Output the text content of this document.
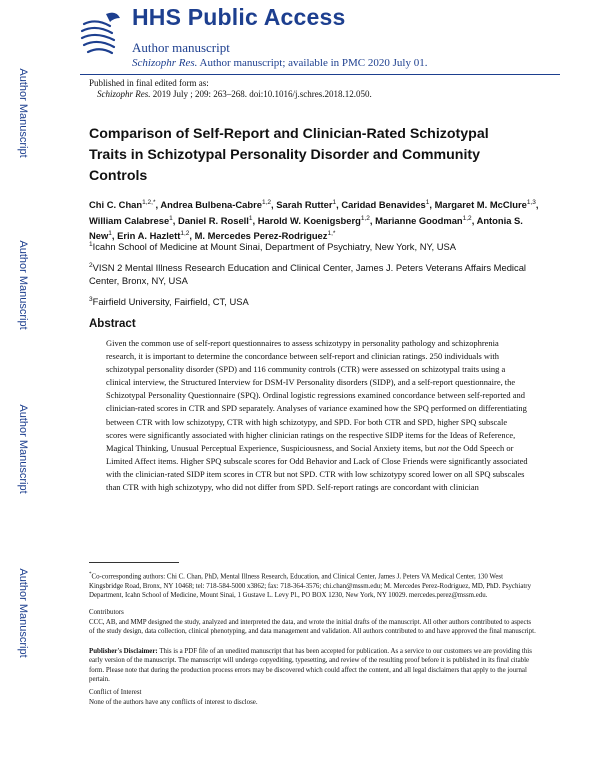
HHS Public Access
Author manuscript
Schizophr Res. Author manuscript; available in PMC 2020 July 01.
Published in final edited form as:
Schizophr Res. 2019 July ; 209: 263–268. doi:10.1016/j.schres.2018.12.050.
Author Manuscript
Author Manuscript
Author Manuscript
Author Manuscript
Comparison of Self-Report and Clinician-Rated Schizotypal Traits in Schizotypal Personality Disorder and Community Controls
Chi C. Chan$^{1,2,*}$, Andrea Bulbena-Cabre$^{1,2}$, Sarah Rutter$^1$, Caridad Benavides$^1$, Margaret M. McClure$^{1,3}$, William Calabrese$^1$, Daniel R. Rosell$^1$, Harold W. Koenigsberg$^{1,2}$, Marianne Goodman$^{1,2}$, Antonia S. New$^1$, Erin A. Hazlett$^{1,2}$, M. Mercedes Perez-Rodriguez$^{1,*}$
$^1$Icahn School of Medicine at Mount Sinai, Department of Psychiatry, New York, NY, USA
$^2$VISN 2 Mental Illness Research Education and Clinical Center, James J. Peters Veterans Affairs Medical Center, Bronx, NY, USA
$^3$Fairfield University, Fairfield, CT, USA
Abstract
Given the common use of self-report questionnaires to assess schizotypy in personality pathology and schizophrenia research, it is important to determine the concordance between self-report and clinician ratings. 250 individuals with schizotypal personality disorder (SPD) and 116 community controls (CTR) were assessed on schizotypal traits using a clinical interview, the Structured Interview for DSM-IV Personality disorders (SIDP), and a self-report questionnaire, the Schizotypal Personality Questionnaire (SPQ). Ordinal logistic regressions examined concordance between self-reported and clinician-rated scores in CTR and SPD separately. Analyses of variance examined how the SPQ performed on differentiating between CTR with low schizotypy, CTR with high schizotypy, and SPD. For both CTR and SPD, higher SPQ subscale scores were significantly associated with higher clinician ratings on the respective SIDP items for the Ideas of Reference, Magical Thinking, Unusual Perceptual Experience, Suspiciousness, and Social Anxiety items, but not the Odd Speech or Limited Affect items. Higher SPQ subscale scores for Odd Behavior and Lack of Close Friends were significantly associated with the clinician-rated SIDP item scores in CTR but not SPD. CTR with low schizotypy scored lower on all SPQ subscales than CTR with high schizotypy, who did not differ from SPD. Self-report ratings are concordant with clinician
*Co-corresponding authors: Chi C. Chan, PhD, Mental Illness Research, Education, and Clinical Center, James J. Peters VA Medical Center, 130 West Kingsbridge Road, Bronx, NY 10468; tel: 718-584-5000 x3862; fax: 718-364-3576; chi.chan@mssm.edu; M. Mercedes Perez-Rodriguez, MD, PhD. Psychiatry Department, Icahn School of Medicine, Mount Sinai, 1 Gustave L. Levy Pl., PO BOX 1230, New York, NY 10029. mercedes.perez@mssm.edu.
Contributors
CCC, AB, and MMP designed the study, analyzed and interpreted the data, and wrote the initial drafts of the manuscript. All other authors contributed to aspects of the study design, data collection, clinical phenotyping, and data management and validation. All authors contributed to and have approved the final manuscript.
Publisher's Disclaimer: This is a PDF file of an unedited manuscript that has been accepted for publication. As a service to our customers we are providing this early version of the manuscript. The manuscript will undergo copyediting, typesetting, and review of the resulting proof before it is published in its final citable form. Please note that during the production process errors may be discovered which could affect the content, and all legal disclaimers that apply to the journal pertain.
Conflict of Interest
None of the authors have any conflicts of interest to disclose.
